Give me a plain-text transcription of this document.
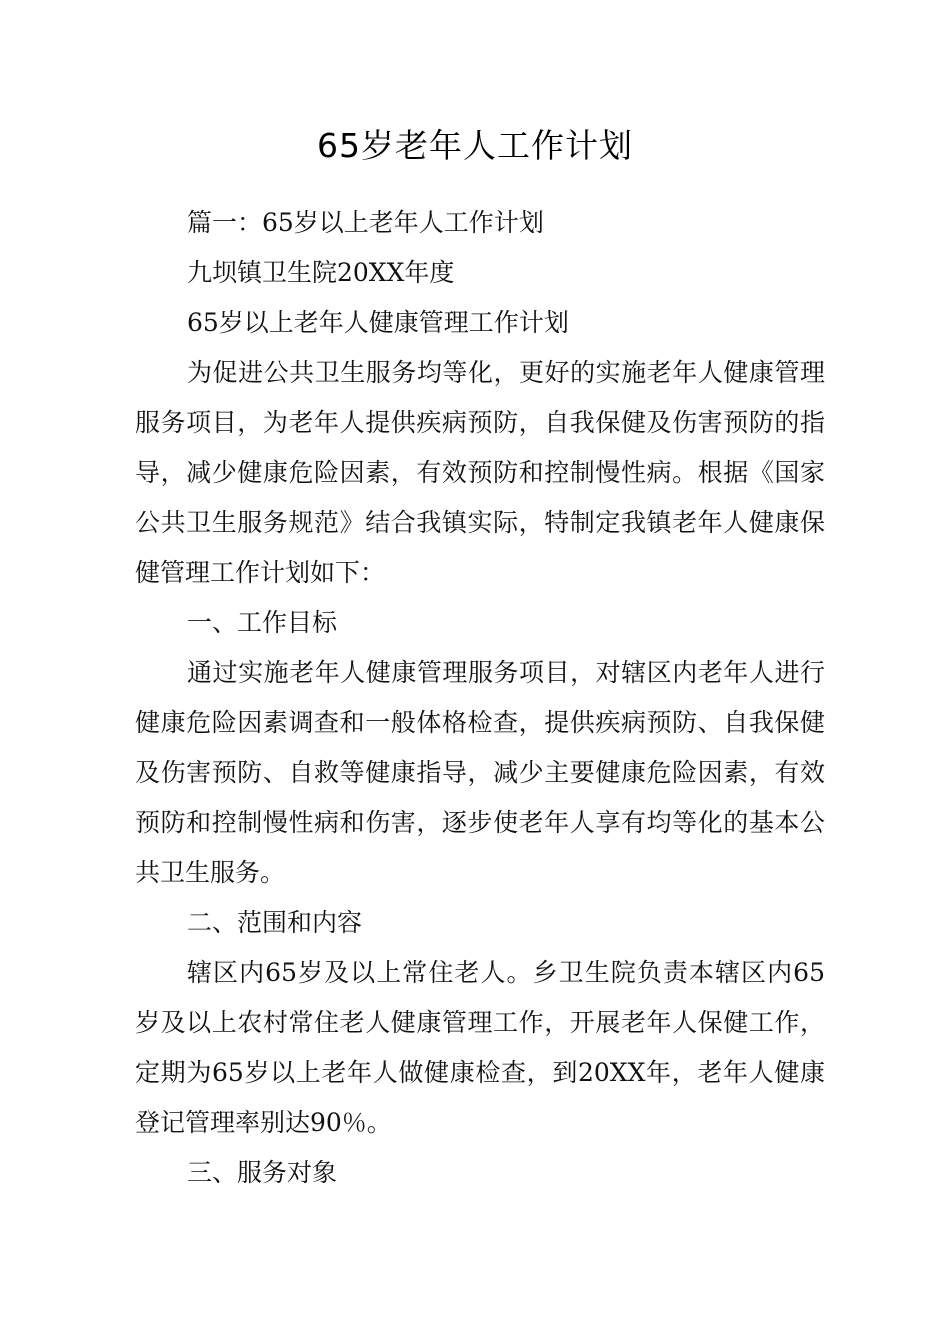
65岁老年人工作计划

篇一：65岁以上老年人工作计划

九坝镇卫生院20XX年度

65岁以上老年人健康管理工作计划

为促进公共卫生服务均等化，更好的实施老年人健康管理服务项目，为老年人提供疾病预防，自我保健及伤害预防的指导，减少健康危险因素，有效预防和控制慢性病。根据《国家公共卫生服务规范》结合我镇实际，特制定我镇老年人健康保健管理工作计划如下：

一、工作目标

通过实施老年人健康管理服务项目，对辖区内老年人进行健康危险因素调查和一般体格检查，提供疾病预防、自我保健及伤害预防、自救等健康指导，减少主要健康危险因素，有效预防和控制慢性病和伤害，逐步使老年人享有均等化的基本公共卫生服务。

二、范围和内容

辖区内65岁及以上常住老人。乡卫生院负责本辖区内65岁及以上农村常住老人健康管理工作，开展老年人保健工作，定期为65岁以上老年人做健康检查，到20XX年，老年人健康登记管理率别达90％。

三、服务对象
